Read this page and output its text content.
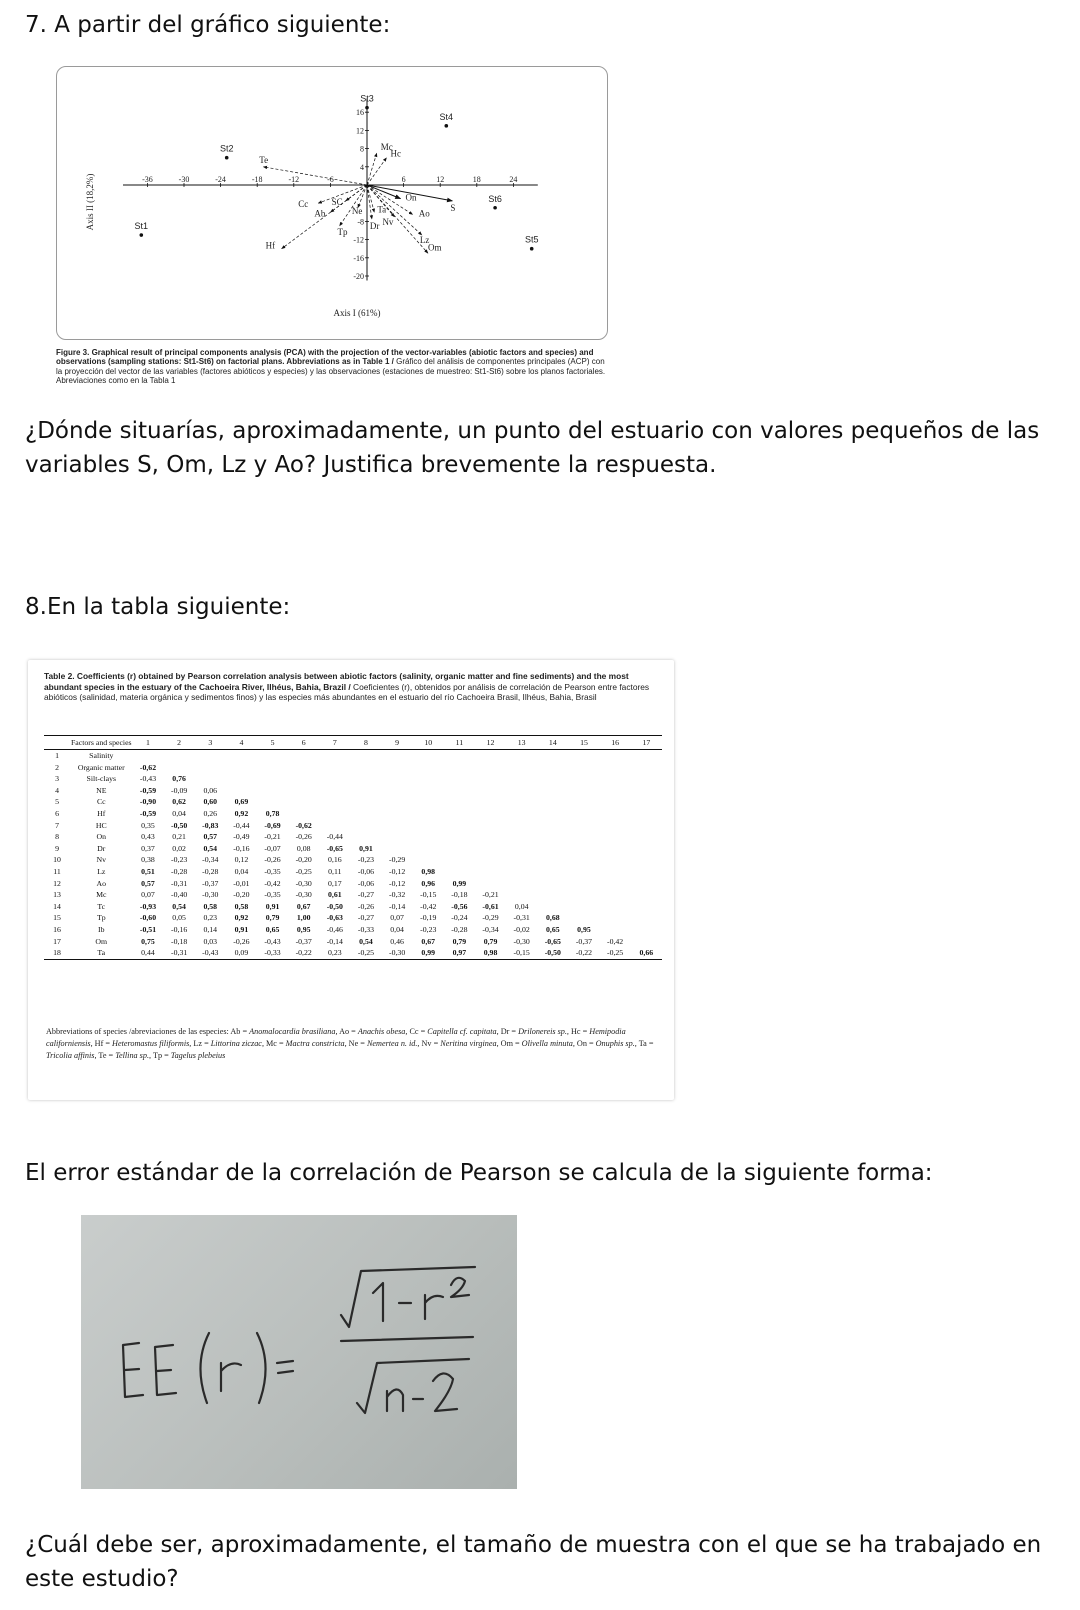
7. A partir del gráfico siguiente:

-36	-30	-24	-18	-12	-6	6	12	18	24
16
12
8
4
-8
-12
-16
-20
Axis I (61%)
Axis II (18,2%)
Mc
Hc
Te
Cc	SC
Ab	Ne
Tp
Hf
Ta
Dr Nv
On
S
Ao
Lz
Om
St1
St2
St3
St4
St5
St6

Figure 3. Graphical result of principal components analysis (PCA) with the projection of the vector-variables (abiotic factors and species) and observations (sampling stations: St1-St6) on factorial plans. Abbreviations as in Table 1 / Gráfico del análisis de componentes principales (ACP) con la proyección del vector de las variables (factores abióticos y especies) y las observaciones (estaciones de muestreo: St1-St6) sobre los planos factoriales. Abreviaciones como en la Tabla 1

¿Dónde situarías, aproximadamente, un punto del estuario con valores pequeños de las variables S, Om, Lz y Ao? Justifica brevemente la respuesta.

8.En la tabla siguiente:

Table 2. Coefficients (r) obtained by Pearson correlation analysis between abiotic factors (salinity, organic matter and fine sediments) and the most abundant species in the estuary of the Cachoeira River, Ilhéus, Bahia, Brazil / Coeficientes (r), obtenidos por análisis de correlación de Pearson entre factores abióticos (salinidad, materia orgánica y sedimentos finos) y las especies más abundantes en el estuario del río Cachoeira Brasil, Ilhéus, Bahia, Brasil

	Factors and species	1	2	3	4	5	6	7	8	9	10	11	12	13	14	15	16	17
1	Salinity																	
2	Organic matter	-0,62																
3	Silt-clays	-0,43	0,76															
4	NE	-0,59	-0,09	0,06														
5	Cc	-0,90	0,62	0,60	0,69													
6	Hf	-0,59	0,04	0,26	0,92	0,78												
7	HC	0,35	-0,50	-0,83	-0,44	-0,69	-0,62											
8	On	0,43	0,21	0,57	-0,49	-0,21	-0,26	-0,44										
9	Dr	0,37	0,02	0,54	-0,16	-0,07	0,08	-0,65	0,91									
10	Nv	0,38	-0,23	-0,34	0,12	-0,26	-0,20	0,16	-0,23	-0,29								
11	Lz	0,51	-0,28	-0,28	0,04	-0,35	-0,25	0,11	-0,06	-0,12	0,98							
12	Ao	0,57	-0,31	-0,37	-0,01	-0,42	-0,30	0,17	-0,06	-0,12	0,96	0,99						
13	Mc	0,07	-0,40	-0,30	-0,20	-0,35	-0,30	0,61	-0,27	-0,32	-0,15	-0,18	-0,21					
14	Tc	-0,93	0,54	0,58	0,58	0,91	0,67	-0,50	-0,26	-0,14	-0,42	-0,56	-0,61	0,04				
15	Tp	-0,60	0,05	0,23	0,92	0,79	1,00	-0,63	-0,27	0,07	-0,19	-0,24	-0,29	-0,31	0,68			
16	Ib	-0,51	-0,16	0,14	0,91	0,65	0,95	-0,46	-0,33	0,04	-0,23	-0,28	-0,34	-0,02	0,65	0,95		
17	Om	0,75	-0,18	0,03	-0,26	-0,43	-0,37	-0,14	0,54	0,46	0,67	0,79	0,79	-0,30	-0,65	-0,37	-0,42	
18	Ta	0,44	-0,31	-0,43	0,09	-0,33	-0,22	0,23	-0,25	-0,30	0,99	0,97	0,98	-0,15	-0,50	-0,22	-0,25	0,66

Abbreviations of species /abreviaciones de las especies: Ab = Anomalocardia brasiliana, Ao = Anachis obesa, Cc = Capitella cf. capitata, Dr = Drilonereis sp., Hc = Hemipodia californiensis, Hf = Heteromastus filiformis, Lz = Littorina ziczac, Mc = Mactra constricta, Ne = Nemertea n. id., Nv = Neritina virginea, Om = Olivella minuta, On = Onuphis sp., Ta = Tricolia affinis, Te = Tellina sp., Tp = Tagelus plebeius

El error estándar de la correlación de Pearson se calcula de la siguiente forma:

¿Cuál debe ser, aproximadamente, el tamaño de muestra con el que se ha trabajado en este estudio?
